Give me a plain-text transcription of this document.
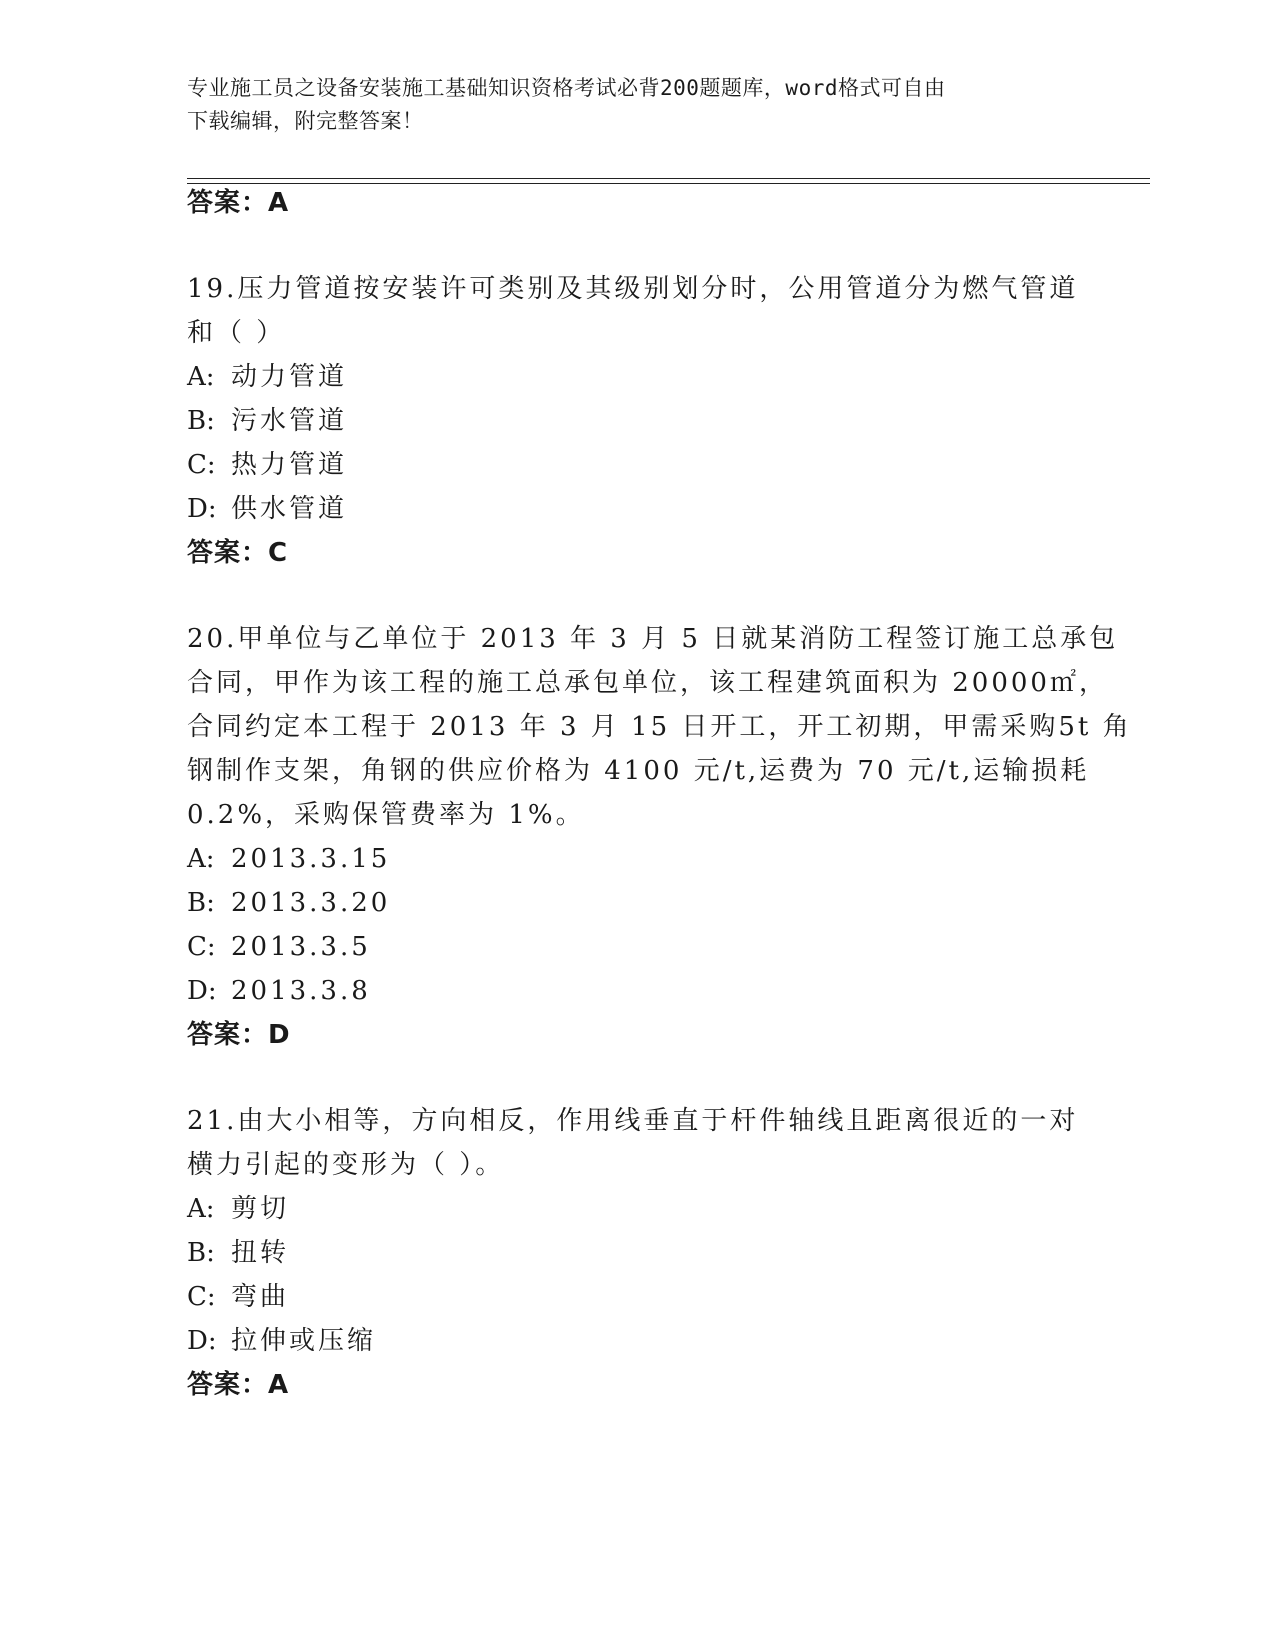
专业施工员之设备安装施工基础知识资格考试必背200题题库，word格式可自由
下载编辑，附完整答案！

答案：A
19.压力管道按安装许可类别及其级别划分时，公用管道分为燃气管道
和（ ）
A: 动力管道
B: 污水管道
C: 热力管道
D: 供水管道
答案：C
20.甲单位与乙单位于 2013 年 3 月 5 日就某消防工程签订施工总承包
合同，甲作为该工程的施工总承包单位，该工程建筑面积为 20000㎡，
合同约定本工程于 2013 年 3 月 15 日开工，开工初期，甲需采购5t 角
钢制作支架，角钢的供应价格为 4100 元/t,运费为 70 元/t,运输损耗
0.2%，采购保管费率为 1%。
A: 2013.3.15
B: 2013.3.20
C: 2013.3.5
D: 2013.3.8
答案：D
21.由大小相等，方向相反，作用线垂直于杆件轴线且距离很近的一对
横力引起的变形为（ ）。
A: 剪切
B: 扭转
C: 弯曲
D: 拉伸或压缩
答案：A
